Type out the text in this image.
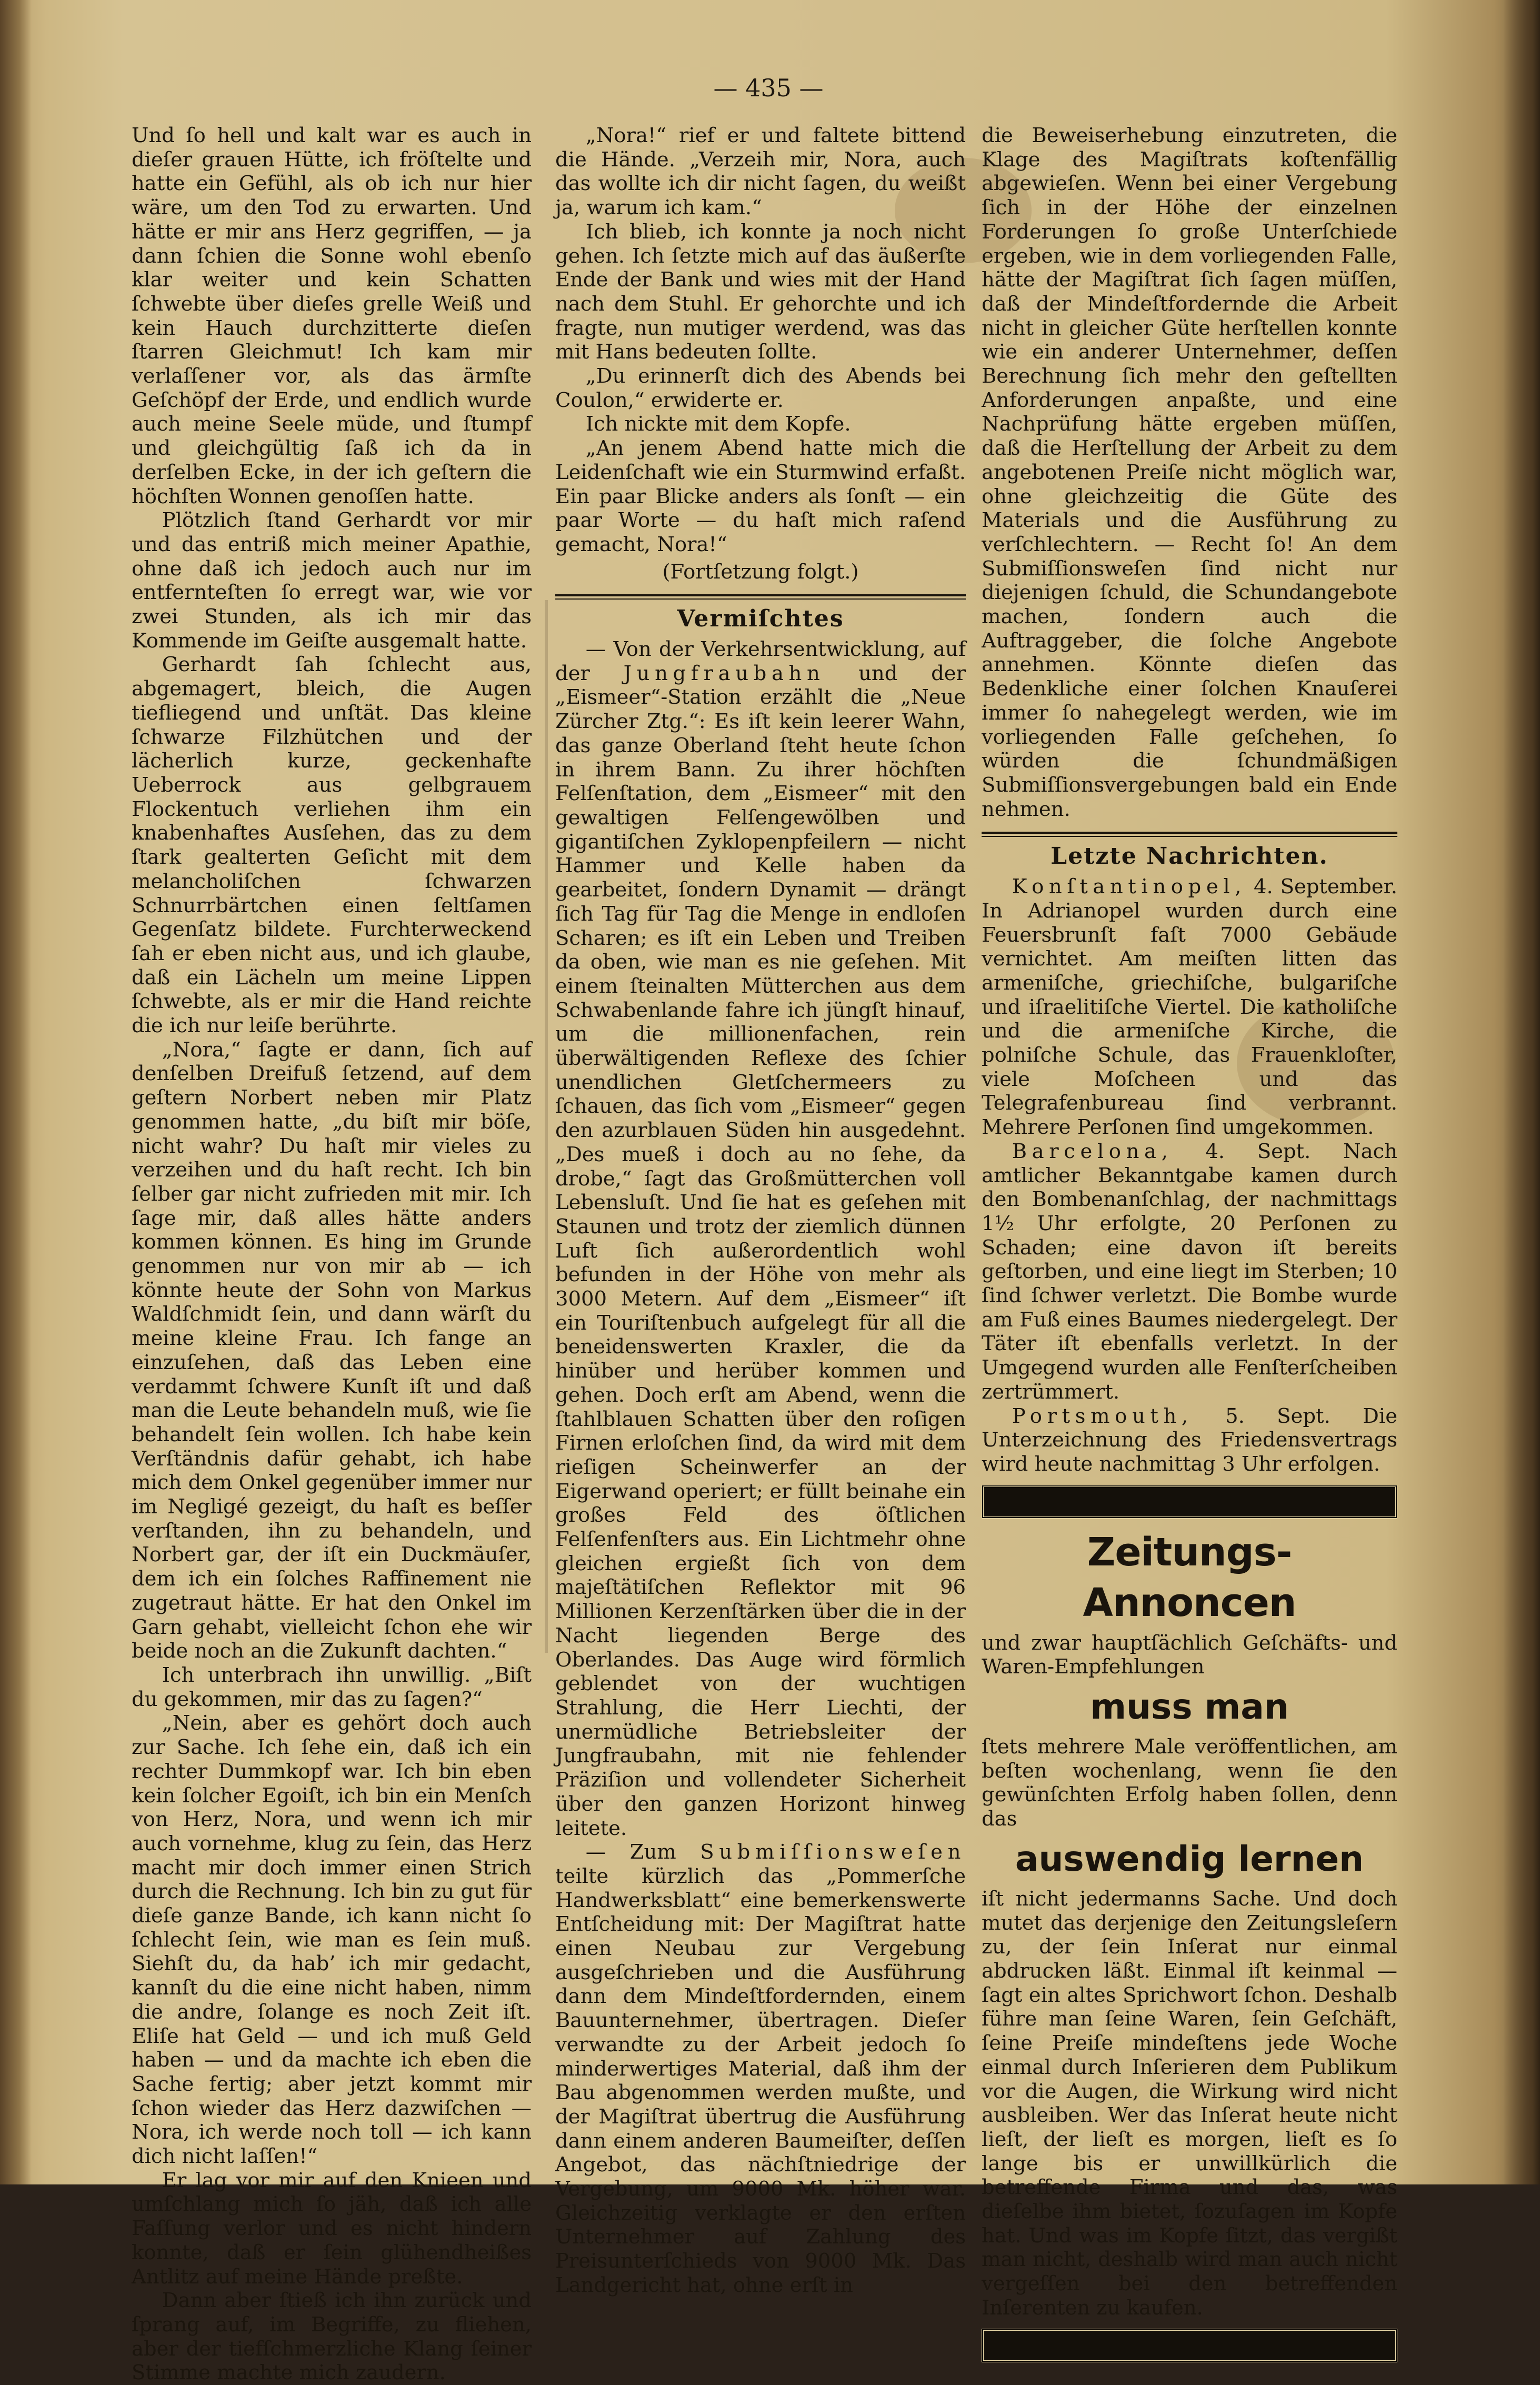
— 435 —

Und ſo hell und kalt war es auch in dieſer grauen Hütte, ich fröſtelte und hatte ein Gefühl, als ob ich nur hier wäre, um den Tod zu erwarten. Und hätte er mir ans Herz gegriffen, — ja dann ſchien die Sonne wohl ebenſo klar weiter und kein Schatten ſchwebte über dieſes grelle Weiß und kein Hauch durchzitterte dieſen ſtarren Gleichmut! Ich kam mir verlaſſener vor, als das ärmſte Geſchöpf der Erde, und endlich wurde auch meine Seele müde, und ſtumpf und gleichgültig ſaß ich da in derſelben Ecke, in der ich geſtern die höchſten Wonnen genoſſen hatte.

Plötzlich ſtand Gerhardt vor mir und das entriß mich meiner Apathie, ohne daß ich jedoch auch nur im entfernteſten ſo erregt war, wie vor zwei Stunden, als ich mir das Kommende im Geiſte ausgemalt hatte.

Gerhardt ſah ſchlecht aus, abgemagert, bleich, die Augen tiefliegend und unſtät. Das kleine ſchwarze Filzhütchen und der lächerlich kurze, geckenhafte Ueberrock aus gelbgrauem Flockentuch verliehen ihm ein knabenhaftes Ausſehen, das zu dem ſtark gealterten Geſicht mit dem melancholiſchen ſchwarzen Schnurrbärtchen einen ſeltſamen Gegenſatz bildete. Furchterweckend ſah er eben nicht aus, und ich glaube, daß ein Lächeln um meine Lippen ſchwebte, als er mir die Hand reichte die ich nur leiſe berührte.

„Nora,“ ſagte er dann, ſich auf denſelben Dreifuß ſetzend, auf dem geſtern Norbert neben mir Platz genommen hatte, „du biſt mir böſe, nicht wahr? Du haſt mir vieles zu verzeihen und du haſt recht. Ich bin ſelber gar nicht zufrieden mit mir. Ich ſage mir, daß alles hätte anders kommen können. Es hing im Grunde genommen nur von mir ab — ich könnte heute der Sohn von Markus Waldſchmidt ſein, und dann wärſt du meine kleine Frau. Ich fange an einzuſehen, daß das Leben eine verdammt ſchwere Kunſt iſt und daß man die Leute behandeln muß, wie ſie behandelt ſein wollen. Ich habe kein Verſtändnis dafür gehabt, ich habe mich dem Onkel gegenüber immer nur im Negligé gezeigt, du haſt es beſſer verſtanden, ihn zu behandeln, und Norbert gar, der iſt ein Duckmäuſer, dem ich ein ſolches Raffinement nie zugetraut hätte. Er hat den Onkel im Garn gehabt, vielleicht ſchon ehe wir beide noch an die Zukunft dachten.“

Ich unterbrach ihn unwillig. „Biſt du gekommen, mir das zu ſagen?“

„Nein, aber es gehört doch auch zur Sache. Ich ſehe ein, daß ich ein rechter Dummkopf war. Ich bin eben kein ſolcher Egoiſt, ich bin ein Menſch von Herz, Nora, und wenn ich mir auch vornehme, klug zu ſein, das Herz macht mir doch immer einen Strich durch die Rechnung. Ich bin zu gut für dieſe ganze Bande, ich kann nicht ſo ſchlecht ſein, wie man es ſein muß. Siehſt du, da hab’ ich mir gedacht, kannſt du die eine nicht haben, nimm die andre, ſolange es noch Zeit iſt. Eliſe hat Geld — und ich muß Geld haben — und da machte ich eben die Sache fertig; aber jetzt kommt mir ſchon wieder das Herz dazwiſchen — Nora, ich werde noch toll — ich kann dich nicht laſſen!“

Er lag vor mir auf den Knieen und umſchlang mich ſo jäh, daß ich alle Faſſung verlor und es nicht hindern konnte, daß er ſein glühendheißes Antlitz auf meine Hände preßte.

Dann aber ſtieß ich ihn zurück und ſprang auf, im Begriffe, zu fliehen, aber der tiefſchmerzliche Klang ſeiner Stimme machte mich zaudern.

„Nora!“ rief er und faltete bittend die Hände. „Verzeih mir, Nora, auch das wollte ich dir nicht ſagen, du weißt ja, warum ich kam.“

Ich blieb, ich konnte ja noch nicht gehen. Ich ſetzte mich auf das äußerſte Ende der Bank und wies mit der Hand nach dem Stuhl. Er gehorchte und ich fragte, nun mutiger werdend, was das mit Hans bedeuten ſollte.

„Du erinnerſt dich des Abends bei Coulon,“ erwiderte er.

Ich nickte mit dem Kopfe.

„An jenem Abend hatte mich die Leidenſchaft wie ein Sturmwind erfaßt. Ein paar Blicke anders als ſonſt — ein paar Worte — du haſt mich raſend gemacht, Nora!“

(Fortſetzung folgt.)
Vermiſchtes

— Von der Verkehrsentwicklung, auf der Jungfraubahn und der „Eismeer“-Station erzählt die „Neue Zürcher Ztg.“: Es iſt kein leerer Wahn, das ganze Oberland ſteht heute ſchon in ihrem Bann. Zu ihrer höchſten Felſenſtation, dem „Eismeer“ mit den gewaltigen Felſengewölben und gigantiſchen Zyklopenpfeilern — nicht Hammer und Kelle haben da gearbeitet, ſondern Dynamit — drängt ſich Tag für Tag die Menge in endloſen Scharen; es iſt ein Leben und Treiben da oben, wie man es nie geſehen. Mit einem ſteinalten Mütterchen aus dem Schwabenlande fahre ich jüngſt hinauf, um die millionenfachen, rein überwältigenden Reflexe des ſchier unendlichen Gletſchermeers zu ſchauen, das ſich vom „Eismeer“ gegen den azurblauen Süden hin ausgedehnt. „Des mueß i doch au no ſehe, da drobe,“ ſagt das Großmütterchen voll Lebensluſt. Und ſie hat es geſehen mit Staunen und trotz der ziemlich dünnen Luft ſich außerordentlich wohl befunden in der Höhe von mehr als 3000 Metern. Auf dem „Eismeer“ iſt ein Touriſtenbuch aufgelegt für all die beneidenswerten Kraxler, die da hinüber und herüber kommen und gehen. Doch erſt am Abend, wenn die ſtahlblauen Schatten über den roſigen Firnen erloſchen ſind, da wird mit dem rieſigen Scheinwerfer an der Eigerwand operiert; er füllt beinahe ein großes Feld des öſtlichen Felſenfenſters aus. Ein Lichtmehr ohne gleichen ergießt ſich von dem majeſtätiſchen Reflektor mit 96 Millionen Kerzenſtärken über die in der Nacht liegenden Berge des Oberlandes. Das Auge wird förmlich geblendet von der wuchtigen Strahlung, die Herr Liechti, der unermüdliche Betriebsleiter der Jungfraubahn, mit nie fehlender Präziſion und vollendeter Sicherheit über den ganzen Horizont hinweg leitete.

— Zum Submiſſionsweſen teilte kürzlich das „Pommerſche Handwerksblatt“ eine bemerkenswerte Entſcheidung mit: Der Magiſtrat hatte einen Neubau zur Vergebung ausgeſchrieben und die Ausführung dann dem Mindeſtfordernden, einem Bauunternehmer, übertragen. Dieſer verwandte zu der Arbeit jedoch ſo minderwertiges Material, daß ihm der Bau abgenommen werden mußte, und der Magiſtrat übertrug die Ausführung dann einem anderen Baumeiſter, deſſen Angebot, das nächſtniedrige der Vergebung, um 9000 Mk. höher war. Gleichzeitig verklagte er den erſten Unternehmer auf Zahlung des Preisunterſchieds von 9000 Mk. Das Landgericht hat, ohne erſt in

die Beweiserhebung einzutreten, die Klage des Magiſtrats koſtenfällig abgewieſen. Wenn bei einer Vergebung ſich in der Höhe der einzelnen Forderungen ſo große Unterſchiede ergeben, wie in dem vorliegenden Falle, hätte der Magiſtrat ſich ſagen müſſen, daß der Mindeſtfordernde die Arbeit nicht in gleicher Güte herſtellen konnte wie ein anderer Unternehmer, deſſen Berechnung ſich mehr den geſtellten Anforderungen anpaßte, und eine Nachprüfung hätte ergeben müſſen, daß die Herſtellung der Arbeit zu dem angebotenen Preiſe nicht möglich war, ohne gleichzeitig die Güte des Materials und die Ausführung zu verſchlechtern. — Recht ſo! An dem Submiſſionsweſen ſind nicht nur diejenigen ſchuld, die Schundangebote machen, ſondern auch die Auftraggeber, die ſolche Angebote annehmen. Könnte dieſen das Bedenkliche einer ſolchen Knauſerei immer ſo nahegelegt werden, wie im vorliegenden Falle geſchehen, ſo würden die ſchundmäßigen Submiſſionsvergebungen bald ein Ende nehmen.

Letzte Nachrichten.

Konſtantinopel, 4. September. In Adrianopel wurden durch eine Feuersbrunſt faſt 7000 Gebäude vernichtet. Am meiſten litten das armeniſche, griechiſche, bulgariſche und iſraelitiſche Viertel. Die katholiſche und die armeniſche Kirche, die polniſche Schule, das Frauenkloſter, viele Moſcheen und das Telegrafenbureau ſind verbrannt. Mehrere Perſonen ſind umgekommen.

Barcelona, 4. Sept. Nach amtlicher Bekanntgabe kamen durch den Bombenanſchlag, der nachmittags 1½ Uhr erfolgte, 20 Perſonen zu Schaden; eine davon iſt bereits geſtorben, und eine liegt im Sterben; 10 ſind ſchwer verletzt. Die Bombe wurde am Fuß eines Baumes niedergelegt. Der Täter iſt ebenfalls verletzt. In der Umgegend wurden alle Fenſterſcheiben zertrümmert.

Portsmouth, 5. Sept. Die Unterzeichnung des Friedensvertrags wird heute nachmittag 3 Uhr erfolgen.

Zeitungs-Annoncen

und zwar hauptſächlich Geſchäfts- und Waren-Empfehlungen

muss man

ſtets mehrere Male veröffentlichen, am beſten wochenlang, wenn ſie den gewünſchten Erfolg haben ſollen, denn das

auswendig lernen

iſt nicht jedermanns Sache. Und doch mutet das derjenige den Zeitungsleſern zu, der ſein Inſerat nur einmal abdrucken läßt. Einmal iſt keinmal — ſagt ein altes Sprichwort ſchon. Deshalb führe man ſeine Waren, ſein Geſchäft, ſeine Preiſe mindeſtens jede Woche einmal durch Inſerieren dem Publikum vor die Augen, die Wirkung wird nicht ausbleiben. Wer das Inſerat heute nicht lieſt, der lieſt es morgen, lieſt es ſo lange bis er unwillkürlich die betreffende Firma und das, was dieſelbe ihm bietet, ſozuſagen im Kopfe hat. Und was im Kopfe ſitzt, das vergißt man nicht, deshalb wird man auch nicht vergeſſen bei den betreffenden Inſerenten zu kaufen.
